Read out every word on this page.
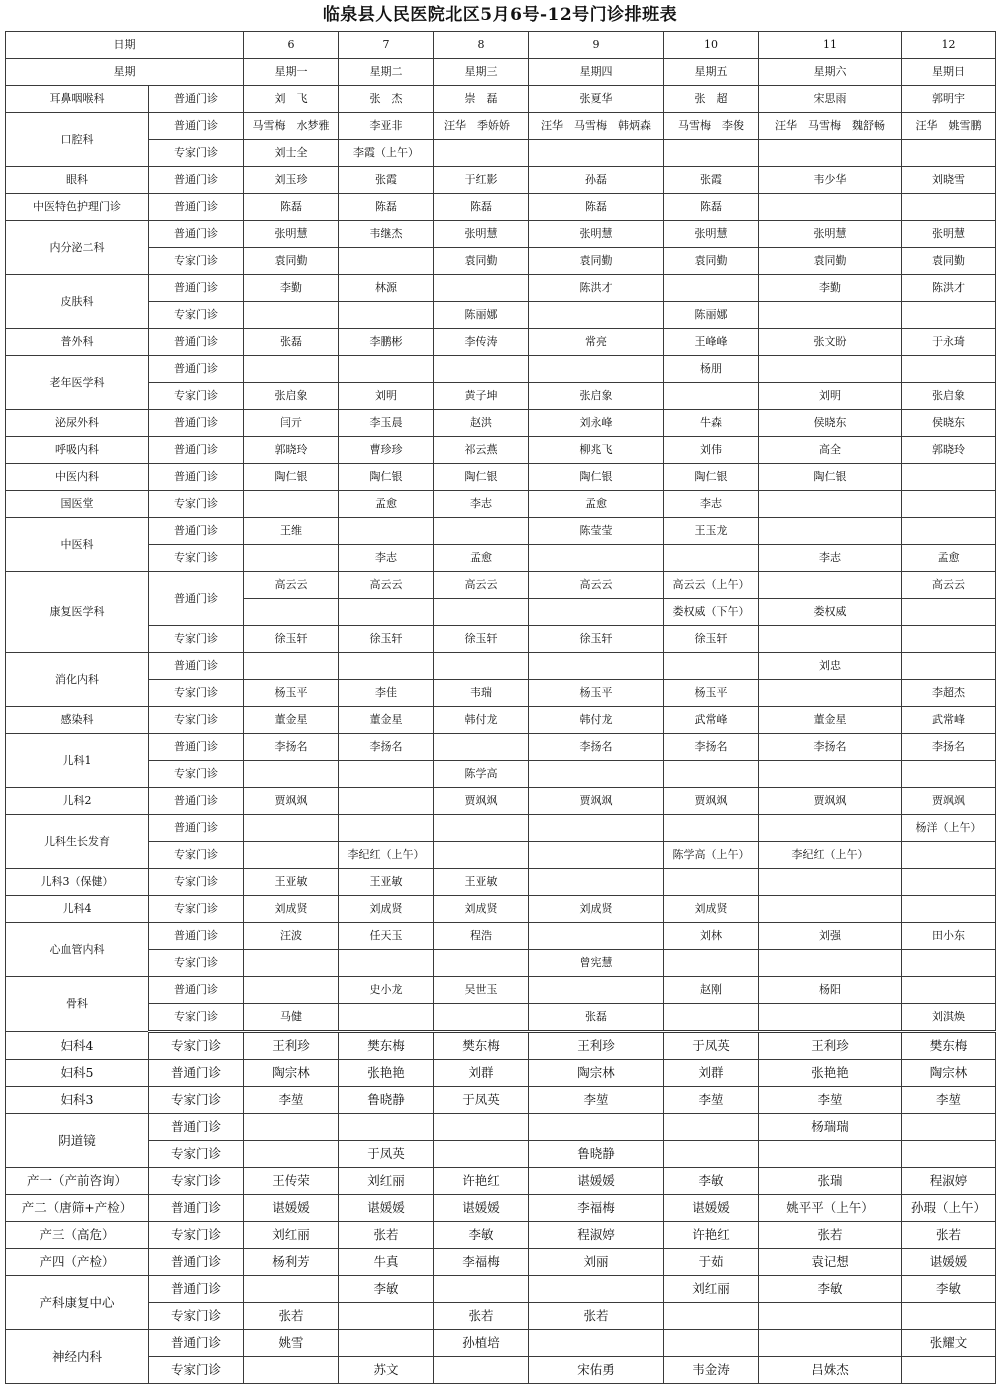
临泉县人民医院北区5月6号-12号门诊排班表
日期		6	7	8	9	10	11	12
星期		星期一	星期二	星期三	星期四	星期五	星期六	星期日
耳鼻咽喉科	普通门诊	刘　飞	张　杰	崇　磊	张夏华	张　超	宋思雨	郭明宇
口腔科	普通门诊	马雪梅　水梦雅	李亚非	汪华　季娇娇	汪华　马雪梅　韩炳森	马雪梅　李俊	汪华　马雪梅　魏舒畅	汪华　姚雪鹏
	专家门诊	刘士全	李霞（上午）					
眼科	普通门诊	刘玉珍	张霞	于红影	孙磊	张霞	韦少华	刘晓雪
中医特色护理门诊	普通门诊	陈磊	陈磊	陈磊	陈磊	陈磊		
内分泌二科	普通门诊	张明慧	韦继杰	张明慧	张明慧	张明慧	张明慧	张明慧
	专家门诊	袁同勤		袁同勤	袁同勤	袁同勤	袁同勤	袁同勤
皮肤科	普通门诊	李勤	林源		陈洪才		李勤	陈洪才
	专家门诊			陈丽娜		陈丽娜		
普外科	普通门诊	张磊	李鹏彬	李传涛	常亮	王峰峰	张文盼	于永琦
老年医学科	普通门诊					杨朋		
	专家门诊	张启象	刘明	黄子坤	张启象		刘明	张启象
泌尿外科	普通门诊	闫亓	李玉晨	赵洪	刘永峰	牛森	侯晓东	侯晓东
呼吸内科	普通门诊	郭晓玲	曹珍珍	祁云燕	柳兆飞	刘伟	高全	郭晓玲
中医内科	普通门诊	陶仁银	陶仁银	陶仁银	陶仁银	陶仁银	陶仁银	
国医堂	专家门诊		孟愈	李志	孟愈	李志		
中医科	普通门诊	王维			陈莹莹	王玉龙		
	专家门诊		李志	孟愈			李志	孟愈
康复医学科	普通门诊	高云云	高云云	高云云	高云云	高云云（上午）		高云云
						娄权威（下午）	娄权威	
	专家门诊	徐玉轩	徐玉轩	徐玉轩	徐玉轩	徐玉轩		
消化内科	普通门诊						刘忠	
	专家门诊	杨玉平	李佳	韦瑞	杨玉平	杨玉平		李超杰
感染科	专家门诊	董金星	董金星	韩付龙	韩付龙	武常峰	董金星	武常峰
儿科1	普通门诊	李扬名	李扬名		李扬名	李扬名	李扬名	李扬名
	专家门诊			陈学高				
儿科2	普通门诊	贾飒飒		贾飒飒	贾飒飒	贾飒飒	贾飒飒	贾飒飒
儿科生长发育	普通门诊							杨洋（上午）
	专家门诊		李纪红（上午）			陈学高（上午）	李纪红（上午）	
儿科3（保健）	专家门诊	王亚敏	王亚敏	王亚敏				
儿科4	专家门诊	刘成贤	刘成贤	刘成贤	刘成贤	刘成贤		
心血管内科	普通门诊	汪波	任天玉	程浩		刘林	刘强	田小东
	专家门诊				曾宪慧			
骨科	普通门诊		史小龙	吴世玉		赵刚	杨阳	
	专家门诊	马健			张磊			刘淇焕
妇科4	专家门诊	王利珍	樊东梅	樊东梅	王利珍	于凤英	王利珍	樊东梅
妇科5	普通门诊	陶宗林	张艳艳	刘群	陶宗林	刘群	张艳艳	陶宗林
妇科3	专家门诊	李堃	鲁晓静	于凤英	李堃	李堃	李堃	李堃
阴道镜	普通门诊						杨瑞瑞	
	专家门诊		于凤英		鲁晓静			
产一（产前咨询）	专家门诊	王传荣	刘红丽	许艳红	谌媛媛	李敏	张瑞	程淑婷
产二（唐筛+产检）	普通门诊	谌媛媛	谌媛媛	谌媛媛	李福梅	谌媛媛	姚平平（上午）	孙瑕（上午）
产三（高危）	专家门诊	刘红丽	张若	李敏	程淑婷	许艳红	张若	张若
产四（产检）	普通门诊	杨利芳	牛真	李福梅	刘丽	于茹	袁记想	谌媛媛
产科康复中心	普通门诊		李敏			刘红丽	李敏	李敏
	专家门诊	张若		张若	张若			
神经内科	普通门诊	姚雪		孙植培				张耀文
	专家门诊		苏文		宋佑勇	韦金涛	吕姝杰	
